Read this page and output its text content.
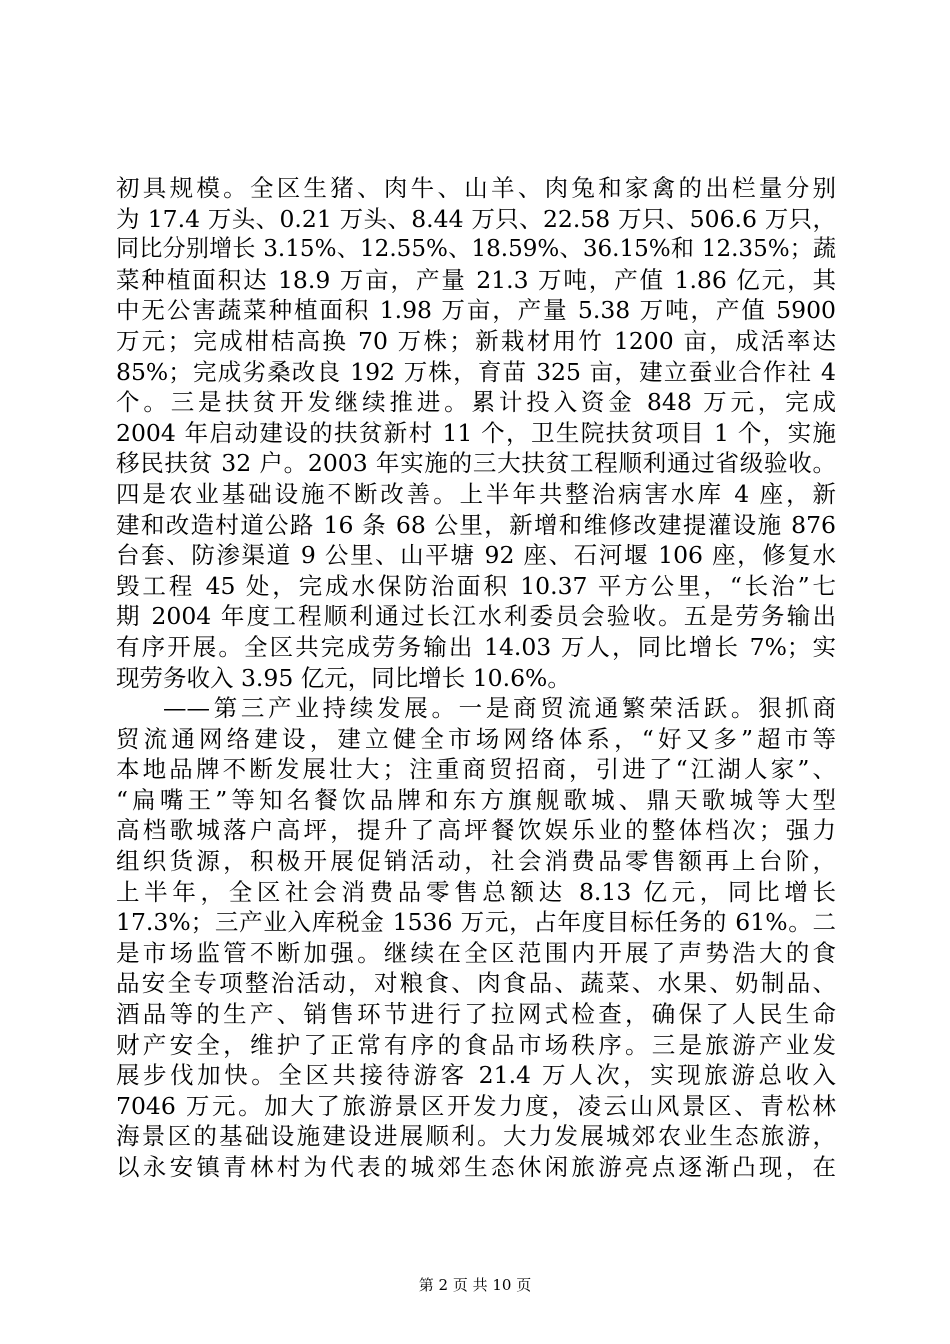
初具规模。全区生猪、肉牛、山羊、肉兔和家禽的出栏量分别
为 17.4 万头、0.21 万头、8.44 万只、22.58 万只、506.6 万只，
同比分别增长 3.15%、12.55%、18.59%、36.15%和 12.35%；蔬
菜种植面积达 18.9 万亩，产量 21.3 万吨，产值 1.86 亿元，其
中无公害蔬菜种植面积 1.98 万亩，产量 5.38 万吨，产值 5900
万元；完成柑桔高换 70 万株；新栽材用竹 1200 亩，成活率达
85%；完成劣桑改良 192 万株，育苗 325 亩，建立蚕业合作社 4
个。三是扶贫开发继续推进。累计投入资金 848 万元，完成
2004 年启动建设的扶贫新村 11 个，卫生院扶贫项目 1 个，实施
移民扶贫 32 户。2003 年实施的三大扶贫工程顺利通过省级验收。
四是农业基础设施不断改善。上半年共整治病害水库 4 座，新
建和改造村道公路 16 条 68 公里，新增和维修改建提灌设施 876
台套、防渗渠道 9 公里、山平塘 92 座、石河堰 106 座，修复水
毁工程 45 处，完成水保防治面积 10.37 平方公里，“长治”七
期 2004 年度工程顺利通过长江水利委员会验收。五是劳务输出
有序开展。全区共完成劳务输出 14.03 万人，同比增长 7%；实
现劳务收入 3.95 亿元，同比增长 10.6%。
——第三产业持续发展。一是商贸流通繁荣活跃。狠抓商
贸流通网络建设，建立健全市场网络体系，“好又多”超市等
本地品牌不断发展壮大；注重商贸招商，引进了“江湖人家”、
“扁嘴王”等知名餐饮品牌和东方旗舰歌城、鼎天歌城等大型
高档歌城落户高坪，提升了高坪餐饮娱乐业的整体档次；强力
组织货源，积极开展促销活动，社会消费品零售额再上台阶，
上半年，全区社会消费品零售总额达 8.13 亿元，同比增长
17.3%；三产业入库税金 1536 万元，占年度目标任务的 61%。二
是市场监管不断加强。继续在全区范围内开展了声势浩大的食
品安全专项整治活动，对粮食、肉食品、蔬菜、水果、奶制品、
酒品等的生产、销售环节进行了拉网式检查，确保了人民生命
财产安全，维护了正常有序的食品市场秩序。三是旅游产业发
展步伐加快。全区共接待游客 21.4 万人次，实现旅游总收入
7046 万元。加大了旅游景区开发力度，凌云山风景区、青松林
海景区的基础设施建设进展顺利。大力发展城郊农业生态旅游，
以永安镇青林村为代表的城郊生态休闲旅游亮点逐渐凸现，在
第 2 页 共 10 页
